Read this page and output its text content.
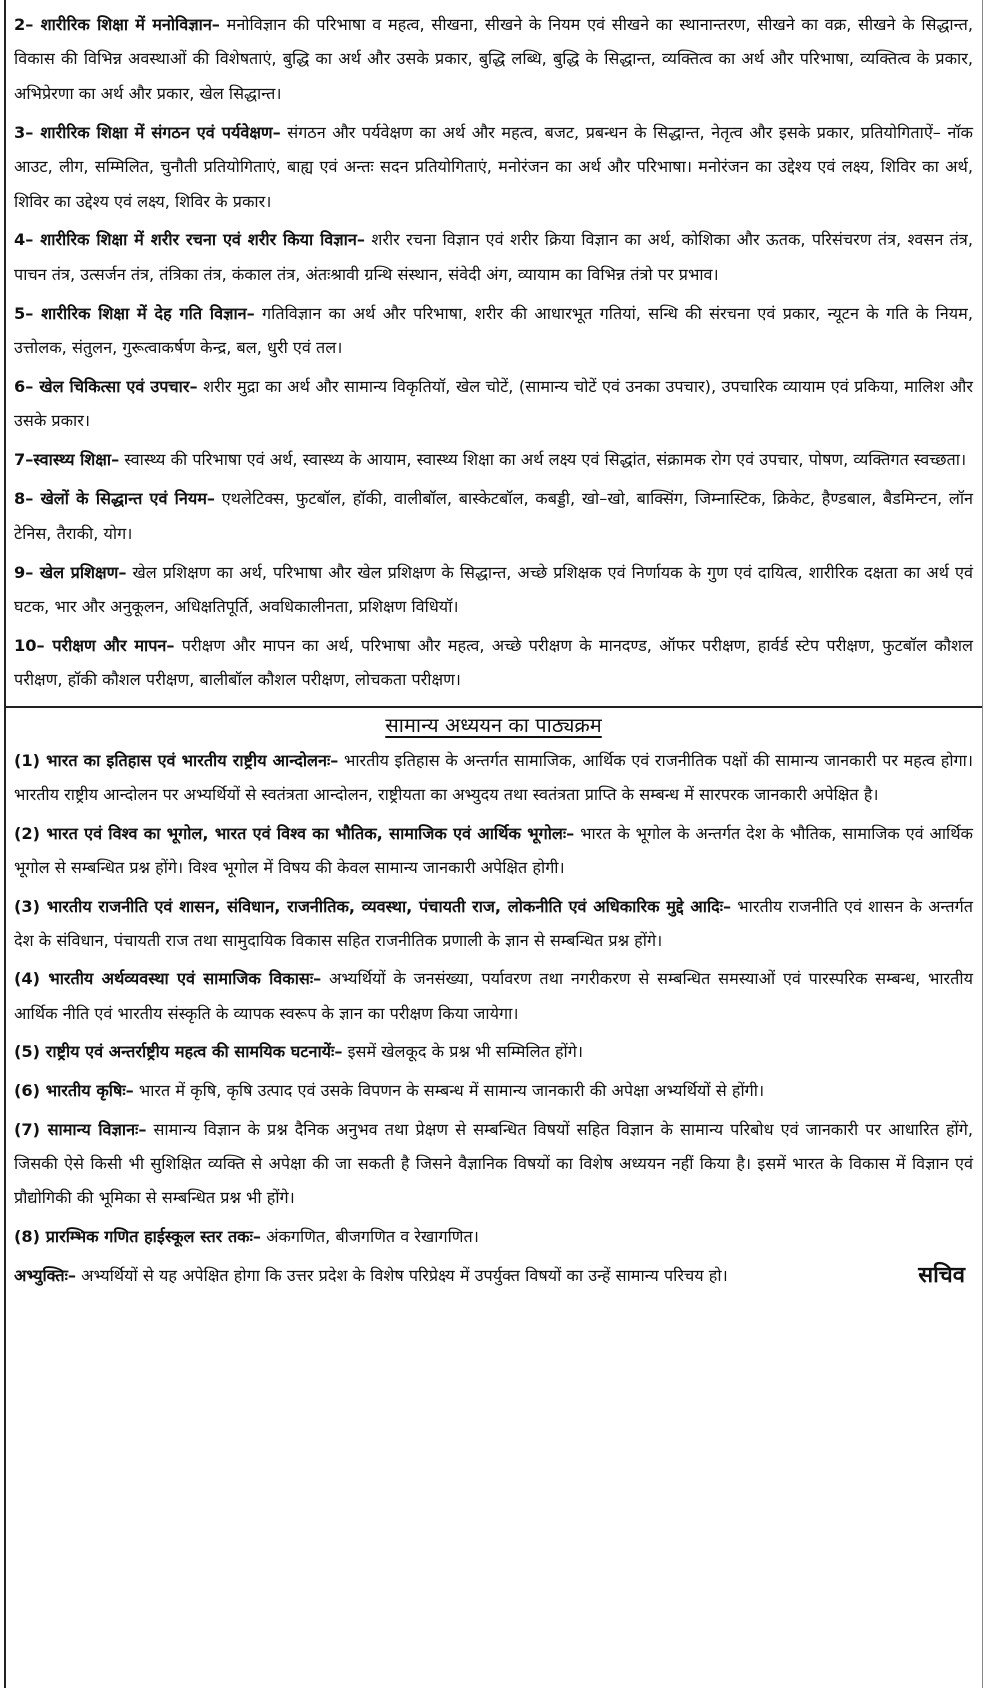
2– शारीरिक शिक्षा में मनोविज्ञान– मनोविज्ञान की परिभाषा व महत्व, सीखना, सीखने के नियम एवं सीखने का स्थानान्तरण, सीखने का वक्र, सीखने के सिद्धान्त, विकास की विभिन्न अवस्थाओं की विशेषताएं, बुद्धि का अर्थ और उसके प्रकार, बुद्धि लब्धि, बुद्धि के सिद्धान्त, व्यक्तित्व का अर्थ और परिभाषा, व्यक्तित्व के प्रकार, अभिप्रेरणा का अर्थ और प्रकार, खेल सिद्धान्त।

3– शारीरिक शिक्षा में संगठन एवं पर्यवेक्षण– संगठन और पर्यवेक्षण का अर्थ और महत्व, बजट, प्रबन्धन के सिद्धान्त, नेतृत्व और इसके प्रकार, प्रतियोगिताऐं– नॉक आउट, लीग, सम्मिलित, चुनौती प्रतियोगिताएं, बाह्य एवं अन्तः सदन प्रतियोगिताएं, मनोरंजन का अर्थ और परिभाषा। मनोरंजन का उद्देश्य एवं लक्ष्य, शिविर का अर्थ, शिविर का उद्देश्य एवं लक्ष्य, शिविर के प्रकार।

4– शारीरिक शिक्षा में शरीर रचना एवं शरीर किया विज्ञान– शरीर रचना विज्ञान एवं शरीर क्रिया विज्ञान का अर्थ, कोशिका और ऊतक, परिसंचरण तंत्र, श्वसन तंत्र, पाचन तंत्र, उत्सर्जन तंत्र, तंत्रिका तंत्र, कंकाल तंत्र, अंतःश्रावी ग्रन्थि संस्थान, संवेदी अंग, व्यायाम का विभिन्न तंत्रो पर प्रभाव।

5– शारीरिक शिक्षा में देह गति विज्ञान– गतिविज्ञान का अर्थ और परिभाषा, शरीर की आधारभूत गतियां, सन्धि की संरचना एवं प्रकार, न्यूटन के गति के नियम, उत्तोलक, संतुलन, गुरूत्वाकर्षण केन्द्र, बल, धुरी एवं तल।

6– खेल चिकित्सा एवं उपचार– शरीर मुद्रा का अर्थ और सामान्य विकृतियॉ, खेल चोटें, (सामान्य चोटें एवं उनका उपचार), उपचारिक व्यायाम एवं प्रकिया, मालिश और उसके प्रकार।

7–स्वास्थ्य शिक्षा– स्वास्थ्य की परिभाषा एवं अर्थ, स्वास्थ्य के आयाम, स्वास्थ्य शिक्षा का अर्थ लक्ष्य एवं सिद्धांत, संक्रामक रोग एवं उपचार, पोषण, व्यक्तिगत स्वच्छता।

8– खेलों के सिद्धान्त एवं नियम– एथलेटिक्स, फुटबॉल, हॉकी, वालीबॉल, बास्केटबॉल, कबड्डी, खो–खो, बाक्सिंग, जिम्नास्टिक, क्रिकेट, हैण्डबाल, बैडमिन्टन, लॉन टेनिस, तैराकी, योग।

9– खेल प्रशिक्षण– खेल प्रशिक्षण का अर्थ, परिभाषा और खेल प्रशिक्षण के सिद्धान्त, अच्छे प्रशिक्षक एवं निर्णायक के गुण एवं दायित्व, शारीरिक दक्षता का अर्थ एवं घटक, भार और अनुकूलन, अधिक्षतिपूर्ति, अवधिकालीनता, प्रशिक्षण विधियॉ।

10– परीक्षण और मापन– परीक्षण और मापन का अर्थ, परिभाषा और महत्व, अच्छे परीक्षण के मानदण्ड, ऑफर परीक्षण, हार्वर्ड स्टेप परीक्षण, फुटबॉल कौशल परीक्षण, हॉकी कौशल परीक्षण, बालीबॉल कौशल परीक्षण, लोचकता परीक्षण।

सामान्य अध्ययन का पाठ्यक्रम

(1) भारत का इतिहास एवं भारतीय राष्ट्रीय आन्दोलनः– भारतीय इतिहास के अन्तर्गत सामाजिक, आर्थिक एवं राजनीतिक पक्षों की सामान्य जानकारी पर महत्व होगा। भारतीय राष्ट्रीय आन्दोलन पर अभ्यर्थियों से स्वतंत्रता आन्दोलन, राष्ट्रीयता का अभ्युदय तथा स्वतंत्रता प्राप्ति के सम्बन्ध में सारपरक जानकारी अपेक्षित है।

(2) भारत एवं विश्व का भूगोल, भारत एवं विश्व का भौतिक, सामाजिक एवं आर्थिक भूगोलः– भारत के भूगोल के अन्तर्गत देश के भौतिक, सामाजिक एवं आर्थिक भूगोल से सम्बन्धित प्रश्न होंगे। विश्व भूगोल में विषय की केवल सामान्य जानकारी अपेक्षित होगी।

(3) भारतीय राजनीति एवं शासन, संविधान, राजनीतिक, व्यवस्था, पंचायती राज, लोकनीति एवं अधिकारिक मुद्दे आदिः– भारतीय राजनीति एवं शासन के अन्तर्गत देश के संविधान, पंचायती राज तथा सामुदायिक विकास सहित राजनीतिक प्रणाली के ज्ञान से सम्बन्धित प्रश्न होंगे।

(4) भारतीय अर्थव्यवस्था एवं सामाजिक विकासः– अभ्यर्थियों के जनसंख्या, पर्यावरण तथा नगरीकरण से सम्बन्धित समस्याओं एवं पारस्परिक सम्बन्ध, भारतीय आर्थिक नीति एवं भारतीय संस्कृति के व्यापक स्वरूप के ज्ञान का परीक्षण किया जायेगा।

(5) राष्ट्रीय एवं अन्तर्राष्ट्रीय महत्व की सामयिक घटनायेंः– इसमें खेलकूद के प्रश्न भी सम्मिलित होंगे।

(6) भारतीय कृषिः– भारत में कृषि, कृषि उत्पाद एवं उसके विपणन के सम्बन्ध में सामान्य जानकारी की अपेक्षा अभ्यर्थियों से होंगी।

(7) सामान्य विज्ञानः– सामान्य विज्ञान के प्रश्न दैनिक अनुभव तथा प्रेक्षण से सम्बन्धित विषयों सहित विज्ञान के सामान्य परिबोध एवं जानकारी पर आधारित होंगे, जिसकी ऐसे किसी भी सुशिक्षित व्यक्ति से अपेक्षा की जा सकती है जिसने वैज्ञानिक विषयों का विशेष अध्ययन नहीं किया है। इसमें भारत के विकास में विज्ञान एवं प्रौद्योगिकी की भूमिका से सम्बन्धित प्रश्न भी होंगे।

(8) प्रारम्भिक गणित हाईस्कूल स्तर तकः– अंकगणित, बीजगणित व रेखागणित।

अभ्युक्तिः– अभ्यर्थियों से यह अपेक्षित होगा कि उत्तर प्रदेश के विशेष परिप्रेक्ष्य में उपर्युक्त विषयों का उन्हें सामान्य परिचय हो।	सचिव
